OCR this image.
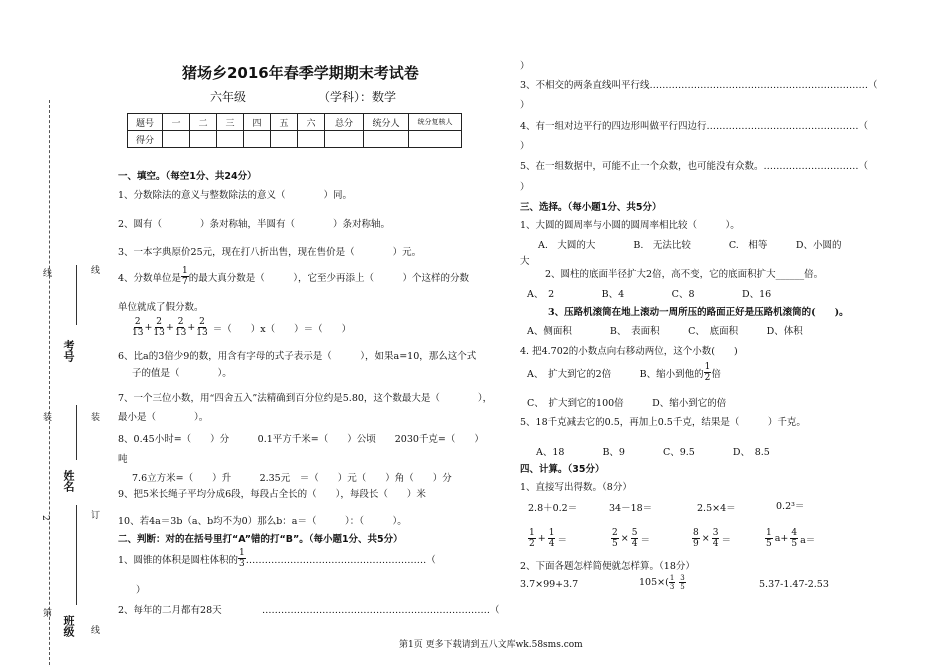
线
装
订
线
线
装
2
第
考号
姓名
班级
猪场乡2016年春季学期期末考试卷
六年级	（学科）：数学
题号	一	二	三	四	五	六	总分	统分人	统分复核人
得分									
一、填空。（每空1分、共24分）
1、分数除法的意义与整数除法的意义（　　　　）同。
2、圆有（　　　　）条对称轴，半圆有（　　　　）条对称轴。
3、一本字典原价25元，现在打八折出售，现在售价是（　　　　）元。
4、分数单位是 $\frac{1}{7}$ 的最大真分数是（　　　），它至少再添上（　　　）个这样的分数
单位就成了假分数。
$\frac{2}{13} + \frac{2}{13} + \frac{2}{13} + \frac{2}{13}$ ＝（　　）x（　　）＝（　　）
6、比a的3倍少9的数，用含有字母的式子表示是（　　　），如果a=10，那么这个式
子的值是（　　　　）。
7、一个三位小数，用“四舍五入”法精确到百分位约是5.80，这个数最大是（　　　　），
最小是（　　　　）。
8、0.45小时=（　　）分　　　0.1平方千米=（　　）公顷　　2030千克=（　　）
吨
7.6立方米=（　　）升　　　2.35元　＝（　　）元（　　）角（　　）分
9、把5米长绳子平均分成6段，每段占全长的（　　），每段长（　　）米
10、若4a＝3b（a、b均不为0）那么b：a＝（　　　）：（　　　）。
二、判断：对的在括号里打“A”错的打“B”。（每小题1分、共5分）
1、圆锥的体积是圆柱体积的 $\frac{1}{3}$ …………………………………………………（
）
2、每年的二月都有28天	………………………………………………………………（
）
3、不相交的两条直线叫平行线……………………………………………………………（
）
4、有一组对边平行的四边形叫做平行四边行…………………………………………（
）
5、在一组数据中，可能不止一个众数，也可能没有众数。…………………………（
）
三、选择。（每小题1分、共5分）
1、大圆的圆周率与小圆的圆周率相比较（　　　）。
A.　大圆的大　　　　B.　无法比较　　　　C.　相等　　　D、小圆的
大
2、圆柱的底面半径扩大2倍，高不变，它的底面积扩大______倍。
A、　2　　　　　B、4　　　　　C、8　　　　　D、16
3、压路机滚筒在地上滚动一周所压的路面正好是压路机滚筒的(　　)。
A、侧面积　　　　B、　表面积　　　C、　底面积　　　D、体积
4. 把4.702的小数点向右移动两位，这个小数(　　)
A、　扩大到它的2倍　　　B、缩小到他的 $\frac{1}{2}$ 倍
C、　扩大到它的100倍　　　D、缩小到它的倍
5、18千克减去它的0.5，再加上0.5千克，结果是（　　　）千克。
A、18　　　　B、9　　　　C、9.5　　　　D、　8.5
四、计算。（35分）
1、直接写出得数。（8分）
2.8＋0.2＝	34－18＝	2.5×4＝	0.2³＝
$\frac{1}{2} + \frac{1}{4}$ ＝	$\frac{2}{5} \times \frac{5}{4}$ ＝	$\frac{8}{9} \times \frac{3}{4}$ ＝	$\frac{1}{5} a+ \frac{4}{5} a=$
2、下面各题怎样简便就怎样算。（18分）
3.7×99+3.7	$105\times( \frac{1}{3} \frac{3}{5}$	5.37-1.47-2.53
第1页 更多下载请到五八文库wk.58sms.com
